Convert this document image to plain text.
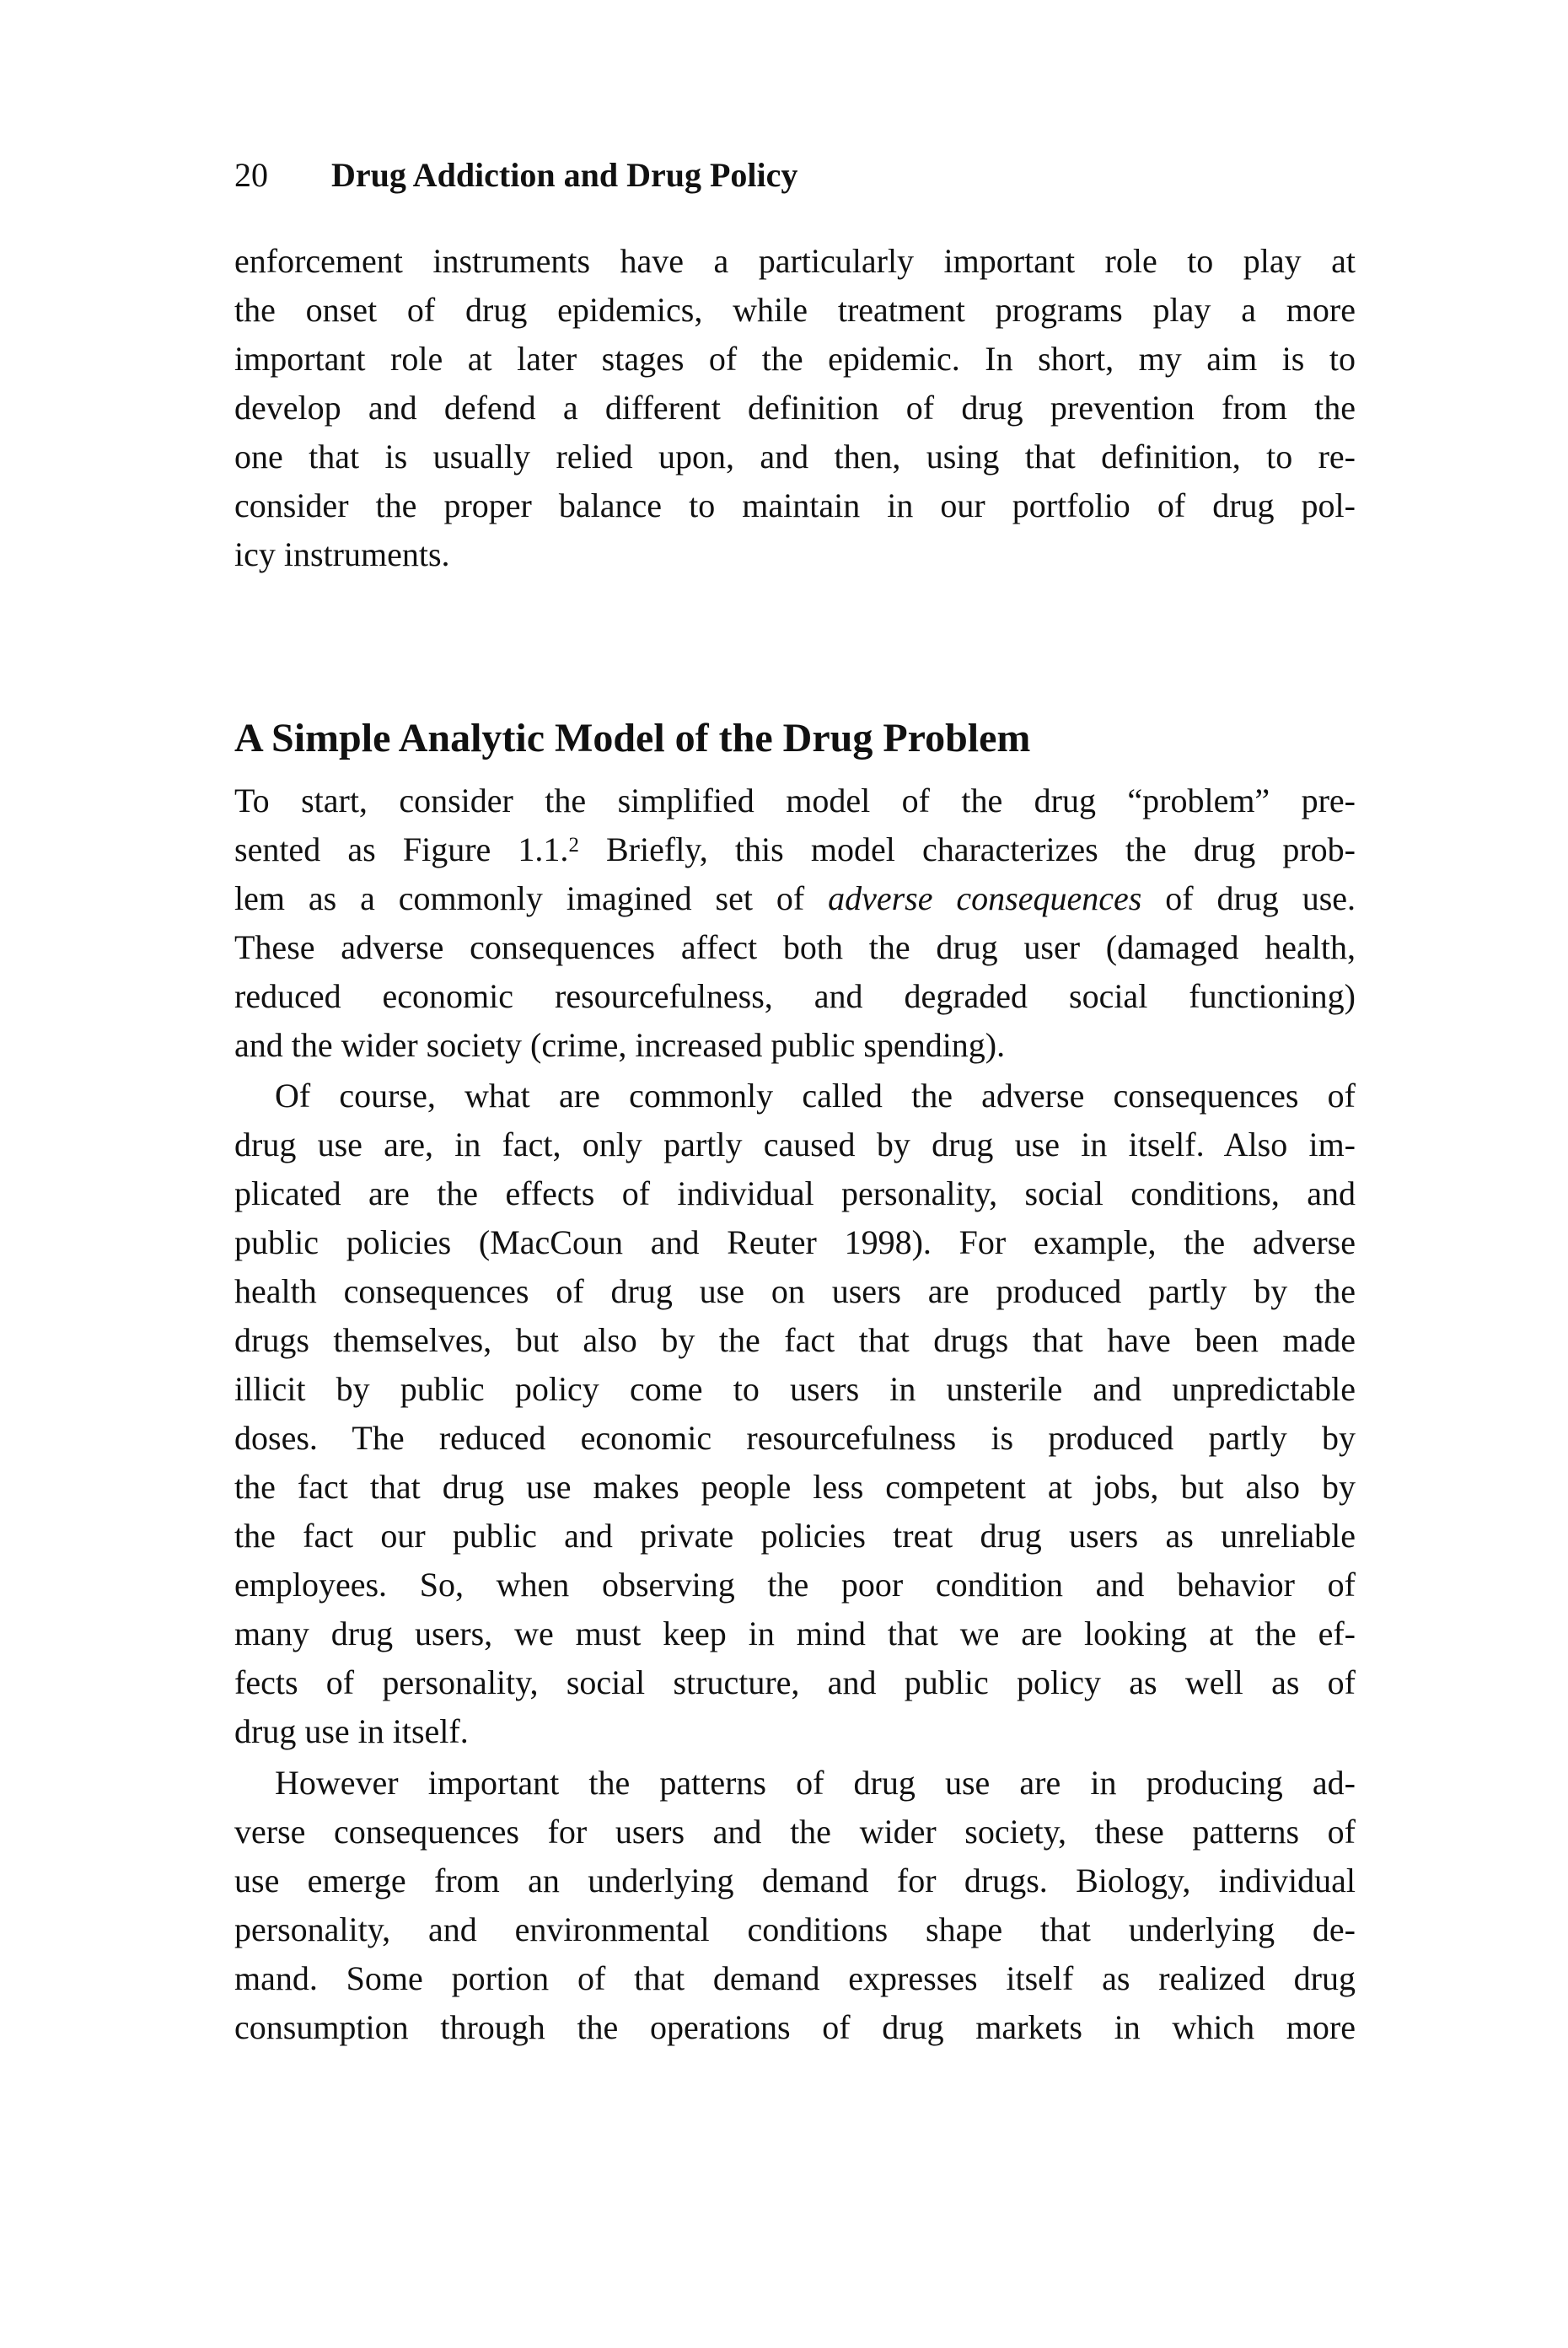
20 Drug Addiction and Drug Policy
enforcement instruments have a particularly important role to play at
the onset of drug epidemics, while treatment programs play a more
important role at later stages of the epidemic. In short, my aim is to
develop and defend a different definition of drug prevention from the
one that is usually relied upon, and then, using that definition, to re-
consider the proper balance to maintain in our portfolio of drug pol-
icy instruments.
A Simple Analytic Model of the Drug Problem
To start, consider the simplified model of the drug “problem” pre-
sented as Figure 1.1.$^2$ Briefly, this model characterizes the drug prob-
lem as a commonly imagined set of adverse consequences of drug use.
These adverse consequences affect both the drug user (damaged health,
reduced economic resourcefulness, and degraded social functioning)
and the wider society (crime, increased public spending).
Of course, what are commonly called the adverse consequences of
drug use are, in fact, only partly caused by drug use in itself. Also im-
plicated are the effects of individual personality, social conditions, and
public policies (MacCoun and Reuter 1998). For example, the adverse
health consequences of drug use on users are produced partly by the
drugs themselves, but also by the fact that drugs that have been made
illicit by public policy come to users in unsterile and unpredictable
doses. The reduced economic resourcefulness is produced partly by
the fact that drug use makes people less competent at jobs, but also by
the fact our public and private policies treat drug users as unreliable
employees. So, when observing the poor condition and behavior of
many drug users, we must keep in mind that we are looking at the ef-
fects of personality, social structure, and public policy as well as of
drug use in itself.
However important the patterns of drug use are in producing ad-
verse consequences for users and the wider society, these patterns of
use emerge from an underlying demand for drugs. Biology, individual
personality, and environmental conditions shape that underlying de-
mand. Some portion of that demand expresses itself as realized drug
consumption through the operations of drug markets in which more
